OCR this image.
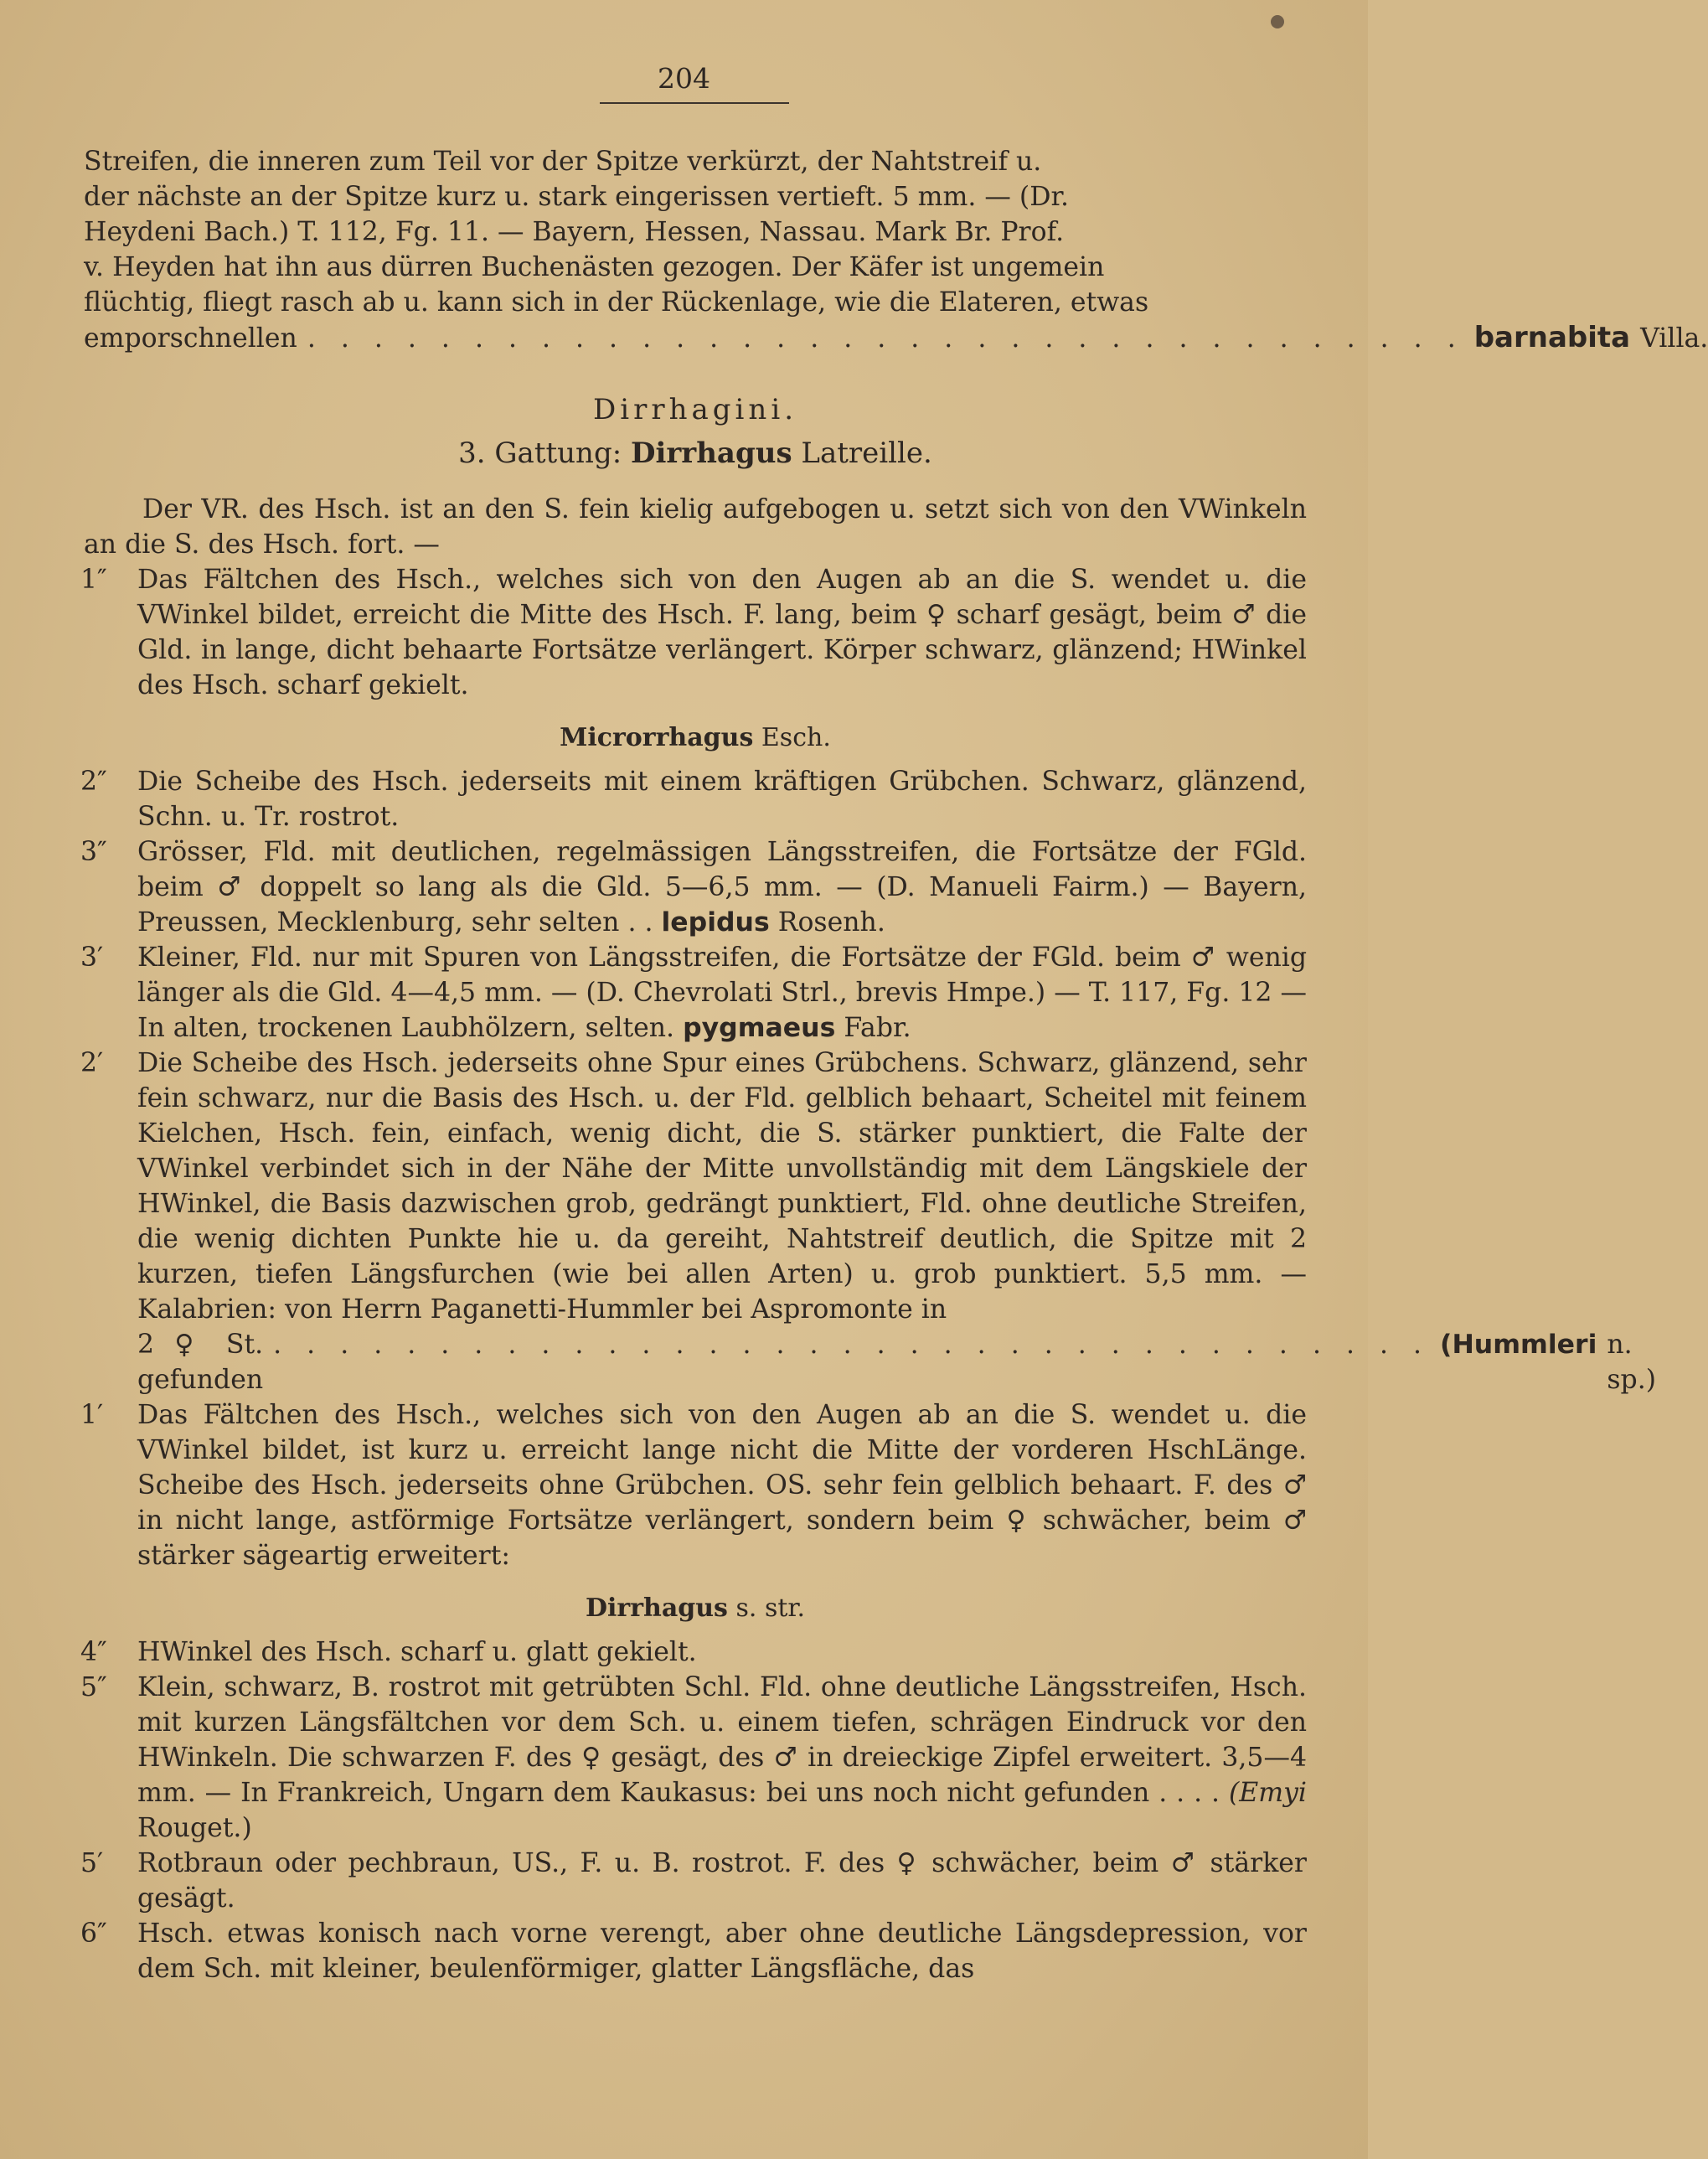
204
Streifen, die inneren zum Teil vor der Spitze verkürzt, der Nahtstreif u.
der nächste an der Spitze kurz u. stark eingerissen vertieft. 5 mm. — (Dr.
Heydeni Bach.) T. 112, Fg. 11. — Bayern, Hessen, Nassau. Mark Br. Prof.
v. Heyden hat ihn aus dürren Buchenästen gezogen. Der Käfer ist ungemein
flüchtig, fliegt rasch ab u. kann sich in der Rückenlage, wie die Elateren, etwas
emporschnellen . . . . . . . . . . . . . . . . . . . . . . . . . . . . . . . . . . . barnabita Villa.
Dirrhagini.
3. Gattung: Dirrhagus Latreille.
Der VR. des Hsch. ist an den S. fein kielig aufgebogen u. setzt sich von den VWinkeln an die S. des Hsch. fort. —
1″ Das Fältchen des Hsch., welches sich von den Augen ab an die S. wendet u. die VWinkel bildet, erreicht die Mitte des Hsch. F. lang, beim ♀ scharf gesägt, beim ♂ die Gld. in lange, dicht behaarte Fortsätze verlängert. Körper schwarz, glänzend; HWinkel des Hsch. scharf gekielt.
Microrrhagus Esch.
2″ Die Scheibe des Hsch. jederseits mit einem kräftigen Grübchen. Schwarz, glänzend, Schn. u. Tr. rostrot.
3″ Grösser, Fld. mit deutlichen, regelmässigen Längsstreifen, die Fortsätze der FGld. beim ♂ doppelt so lang als die Gld. 5—6,5 mm. — (D. Manueli Fairm.) — Bayern, Preussen, Mecklenburg, sehr selten . . lepidus Rosenh.
3′ Kleiner, Fld. nur mit Spuren von Längsstreifen, die Fortsätze der FGld. beim ♂ wenig länger als die Gld. 4—4,5 mm. — (D. Chevrolati Strl., brevis Hmpe.) — T. 117, Fg. 12 — In alten, trockenen Laubhölzern, selten. pygmaeus Fabr.
2′ Die Scheibe des Hsch. jederseits ohne Spur eines Grübchens. Schwarz, glänzend, sehr fein schwarz, nur die Basis des Hsch. u. der Fld. gelblich behaart, Scheitel mit feinem Kielchen, Hsch. fein, einfach, wenig dicht, die S. stärker punktiert, die Falte der VWinkel verbindet sich in der Nähe der Mitte unvollständig mit dem Längskiele der HWinkel, die Basis dazwischen grob, gedrängt punktiert, Fld. ohne deutliche Streifen, die wenig dichten Punkte hie u. da gereiht, Nahtstreif deutlich, die Spitze mit 2 kurzen, tiefen Längsfurchen (wie bei allen Arten) u. grob punktiert. 5,5 mm. — Kalabrien: von Herrn Paganetti-Hummler bei Aspromonte in
2 ♀ St. gefunden
. . . . . . . . . . . . . . . . . . . . . . . . . . . . . . . . . . . (Hummleri n. sp.)
1′ Das Fältchen des Hsch., welches sich von den Augen ab an die S. wendet u. die VWinkel bildet, ist kurz u. erreicht lange nicht die Mitte der vorderen HschLänge. Scheibe des Hsch. jederseits ohne Grübchen. OS. sehr fein gelblich behaart. F. des ♂ in nicht lange, astförmige Fortsätze verlängert, sondern beim ♀ schwächer, beim ♂ stärker sägeartig erweitert:
Dirrhagus s. str.
4″ HWinkel des Hsch. scharf u. glatt gekielt.
5″ Klein, schwarz, B. rostrot mit getrübten Schl. Fld. ohne deutliche Längsstreifen, Hsch. mit kurzen Längsfältchen vor dem Sch. u. einem tiefen, schrägen Eindruck vor den HWinkeln. Die schwarzen F. des ♀ gesägt, des ♂ in dreieckige Zipfel erweitert. 3,5—4 mm. — In Frankreich, Ungarn dem Kaukasus: bei uns noch nicht gefunden . . . . (Emyi Rouget.)
5′ Rotbraun oder pechbraun, US., F. u. B. rostrot. F. des ♀ schwächer, beim ♂ stärker gesägt.
6″ Hsch. etwas konisch nach vorne verengt, aber ohne deutliche Längsdepression, vor dem Sch. mit kleiner, beulenförmiger, glatter Längsfläche, das
